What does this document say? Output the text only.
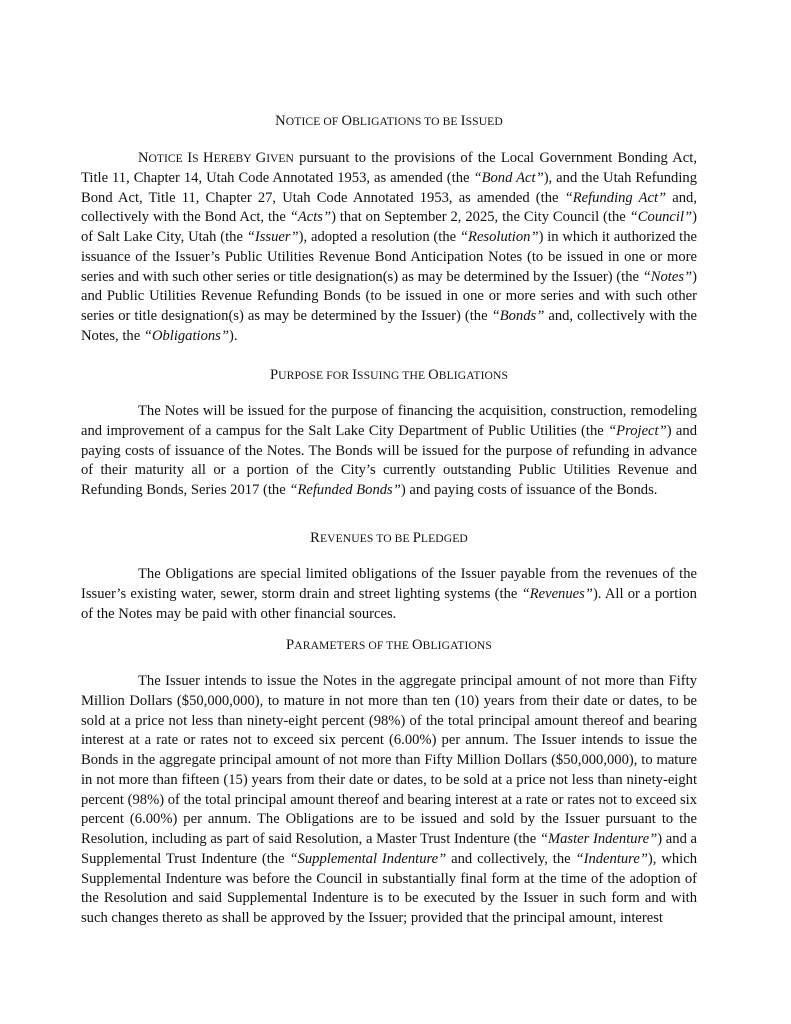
NOTICE OF OBLIGATIONS TO BE ISSUED

NOTICE IS HEREBY GIVEN pursuant to the provisions of the Local Government Bonding Act, Title 11, Chapter 14, Utah Code Annotated 1953, as amended (the “Bond Act”), and the Utah Refunding Bond Act, Title 11, Chapter 27, Utah Code Annotated 1953, as amended (the “Refunding Act” and, collectively with the Bond Act, the “Acts”) that on September 2, 2025, the City Council (the “Council”) of Salt Lake City, Utah (the “Issuer”), adopted a resolution (the “Resolution”) in which it authorized the issuance of the Issuer’s Public Utilities Revenue Bond Anticipation Notes (to be issued in one or more series and with such other series or title designation(s) as may be determined by the Issuer) (the “Notes”) and Public Utilities Revenue Refunding Bonds (to be issued in one or more series and with such other series or title designation(s) as may be determined by the Issuer) (the “Bonds” and, collectively with the Notes, the “Obligations”).

PURPOSE FOR ISSUING THE OBLIGATIONS

The Notes will be issued for the purpose of financing the acquisition, construction, remodeling and improvement of a campus for the Salt Lake City Department of Public Utilities (the “Project”) and paying costs of issuance of the Notes. The Bonds will be issued for the purpose of refunding in advance of their maturity all or a portion of the City’s currently outstanding Public Utilities Revenue and Refunding Bonds, Series 2017 (the “Refunded Bonds”) and paying costs of issuance of the Bonds.

REVENUES TO BE PLEDGED

The Obligations are special limited obligations of the Issuer payable from the revenues of the Issuer’s existing water, sewer, storm drain and street lighting systems (the “Revenues”). All or a portion of the Notes may be paid with other financial sources.

PARAMETERS OF THE OBLIGATIONS

The Issuer intends to issue the Notes in the aggregate principal amount of not more than Fifty Million Dollars ($50,000,000), to mature in not more than ten (10) years from their date or dates, to be sold at a price not less than ninety-eight percent (98%) of the total principal amount thereof and bearing interest at a rate or rates not to exceed six percent (6.00%) per annum. The Issuer intends to issue the Bonds in the aggregate principal amount of not more than Fifty Million Dollars ($50,000,000), to mature in not more than fifteen (15) years from their date or dates, to be sold at a price not less than ninety-eight percent (98%) of the total principal amount thereof and bearing interest at a rate or rates not to exceed six percent (6.00%) per annum. The Obligations are to be issued and sold by the Issuer pursuant to the Resolution, including as part of said Resolution, a Master Trust Indenture (the “Master Indenture”) and a Supplemental Trust Indenture (the “Supplemental Indenture” and collectively, the “Indenture”), which Supplemental Indenture was before the Council in substantially final form at the time of the adoption of the Resolution and said Supplemental Indenture is to be executed by the Issuer in such form and with such changes thereto as shall be approved by the Issuer; provided that the principal amount, interest
